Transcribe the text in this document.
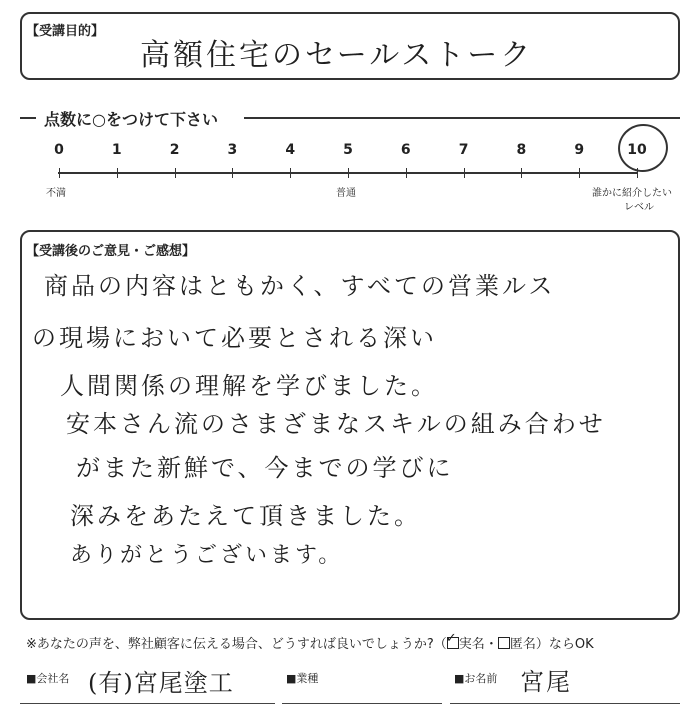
【受講目的】
高額住宅のセールストーク
点数に○をつけて下さい
0	1	2	3	4	5	6	7	8	9	10
不満	普通	誰かに紹介したい
レベル
【受講後のご意見・ご感想】
商品の内容はともかく、すべての営業ルス
の現場において必要とされる深い
人間関係の理解を学びました。
安本さん流のさまざまなスキルの組み合わせ
がまた新鮮で、今までの学びに
深みをあたえて頂きました。
ありがとうございます。
※あなたの声を、弊社顧客に伝える場合、どうすれば良いでしょうか?（ ✓ 実名・ 匿名）ならOK
■会社名 (有)宮尾塗工	■業種	■お名前 宮尾
